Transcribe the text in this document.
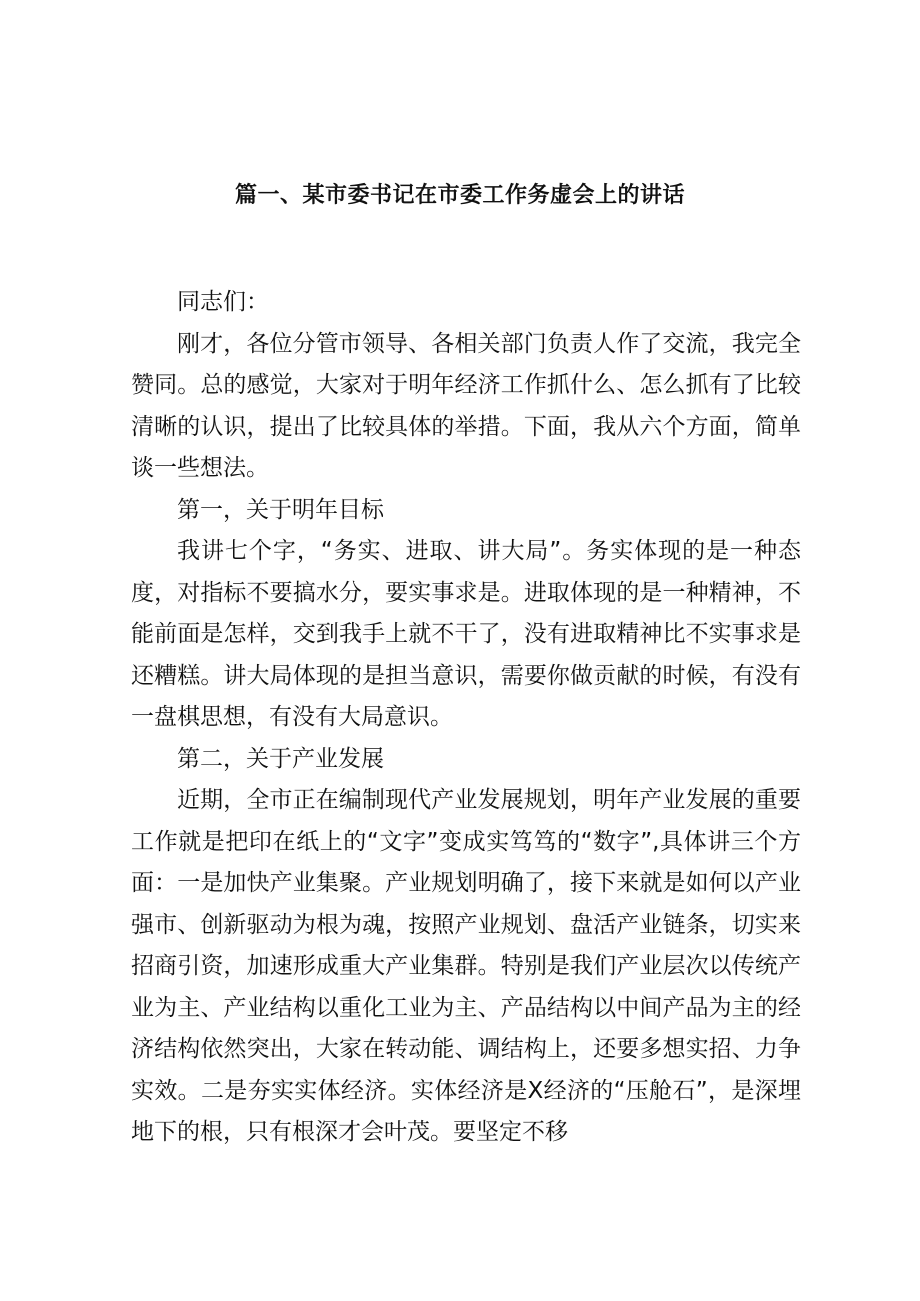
篇一、某市委书记在市委工作务虚会上的讲话

同志们：

刚才，各位分管市领导、各相关部门负责人作了交流，我完全赞同。总的感觉，大家对于明年经济工作抓什么、怎么抓有了比较清晰的认识，提出了比较具体的举措。下面，我从六个方面，简单谈一些想法。

第一，关于明年目标

我讲七个字，“务实、进取、讲大局”。务实体现的是一种态度，对指标不要搞水分，要实事求是。进取体现的是一种精神，不能前面是怎样，交到我手上就不干了，没有进取精神比不实事求是还糟糕。讲大局体现的是担当意识，需要你做贡献的时候，有没有一盘棋思想，有没有大局意识。

第二，关于产业发展

近期，全市正在编制现代产业发展规划，明年产业发展的重要工作就是把印在纸上的“文字”变成实笃笃的“数字”,具体讲三个方面：一是加快产业集聚。产业规划明确了，接下来就是如何以产业强市、创新驱动为根为魂，按照产业规划、盘活产业链条，切实来招商引资，加速形成重大产业集群。特别是我们产业层次以传统产业为主、产业结构以重化工业为主、产品结构以中间产品为主的经济结构依然突出，大家在转动能、调结构上，还要多想实招、力争实效。二是夯实实体经济。实体经济是X经济的“压舱石”，是深埋地下的根，只有根深才会叶茂。要坚定不移
